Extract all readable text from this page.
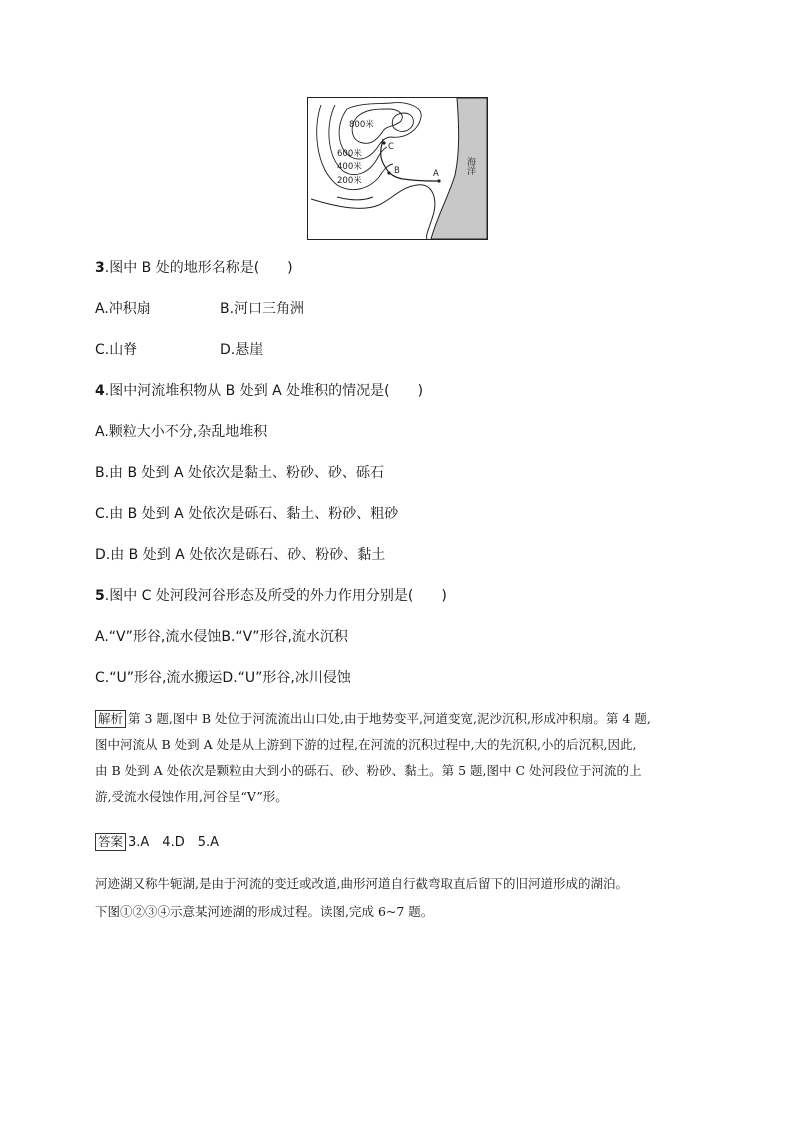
800米
600米
400米
200米
C
B	A	海洋
3.图中 B 处的地形名称是(　　)
A.冲积扇	B.河口三角洲
C.山脊	D.悬崖
4.图中河流堆积物从 B 处到 A 处堆积的情况是(　　)
A.颗粒大小不分,杂乱地堆积
B.由 B 处到 A 处依次是黏土、粉砂、砂、砾石
C.由 B 处到 A 处依次是砾石、黏土、粉砂、粗砂
D.由 B 处到 A 处依次是砾石、砂、粉砂、黏土
5.图中 C 处河段河谷形态及所受的外力作用分别是(　　)
A.“V”形谷,流水侵蚀B.“V”形谷,流水沉积
C.“U”形谷,流水搬运D.“U”形谷,冰川侵蚀
解析 第 3 题,图中 B 处位于河流流出山口处,由于地势变平,河道变宽,泥沙沉积,形成冲积扇。第 4 题,
图中河流从 B 处到 A 处是从上游到下游的过程,在河流的沉积过程中,大的先沉积,小的后沉积,因此,
由 B 处到 A 处依次是颗粒由大到小的砾石、砂、粉砂、黏土。第 5 题,图中 C 处河段位于河流的上
游,受流水侵蚀作用,河谷呈“V”形。
答案 3.A　4.D　5.A
河迹湖又称牛轭湖,是由于河流的变迁或改道,曲形河道自行截弯取直后留下的旧河道形成的湖泊。
下图①②③④示意某河迹湖的形成过程。读图,完成 6~7 题。
